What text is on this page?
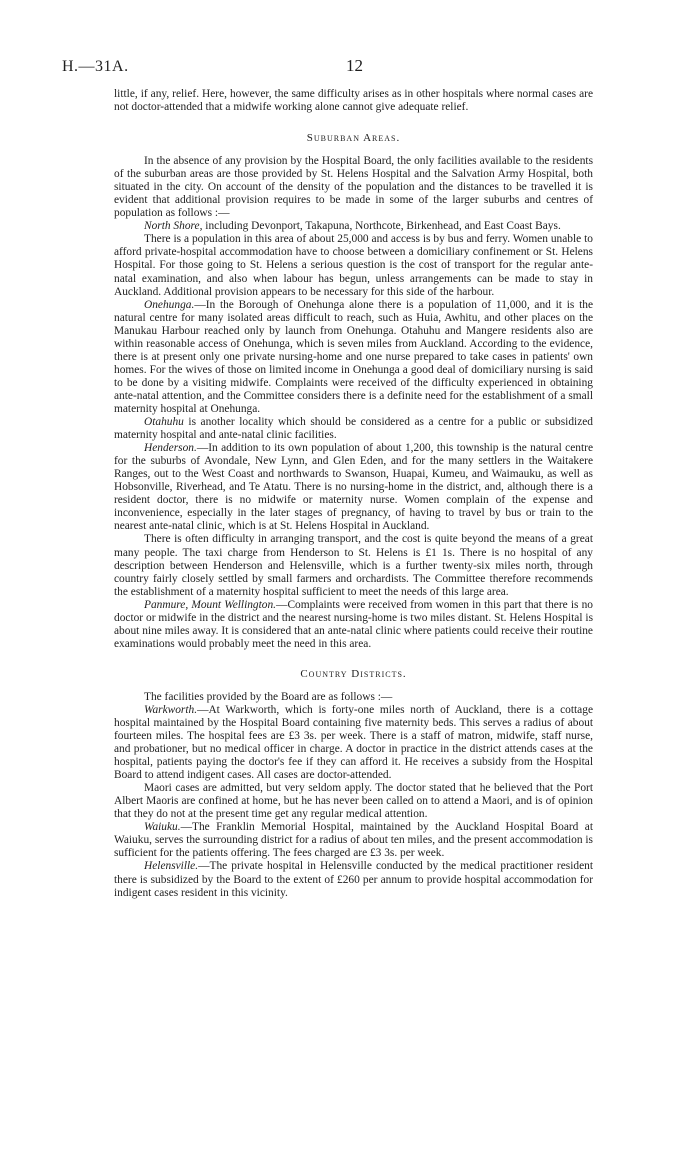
H.—31A.	12

little, if any, relief. Here, however, the same difficulty arises as in other hospitals where normal cases are not doctor-attended that a midwife working alone cannot give adequate relief.

Suburban Areas.

In the absence of any provision by the Hospital Board, the only facilities available to the residents of the suburban areas are those provided by St. Helens Hospital and the Salvation Army Hospital, both situated in the city. On account of the density of the population and the distances to be travelled it is evident that additional provision requires to be made in some of the larger suburbs and centres of population as follows :—

North Shore, including Devonport, Takapuna, Northcote, Birkenhead, and East Coast Bays.

There is a population in this area of about 25,000 and access is by bus and ferry. Women unable to afford private-hospital accommodation have to choose between a domiciliary confinement or St. Helens Hospital. For those going to St. Helens a serious question is the cost of transport for the regular ante-natal examination, and also when labour has begun, unless arrangements can be made to stay in Auckland. Additional provision appears to be necessary for this side of the harbour.

Onehunga.—In the Borough of Onehunga alone there is a population of 11,000, and it is the natural centre for many isolated areas difficult to reach, such as Huia, Awhitu, and other places on the Manukau Harbour reached only by launch from Onehunga. Otahuhu and Mangere residents also are within reasonable access of Onehunga, which is seven miles from Auckland. According to the evidence, there is at present only one private nursing-home and one nurse prepared to take cases in patients' own homes. For the wives of those on limited income in Onehunga a good deal of domiciliary nursing is said to be done by a visiting midwife. Complaints were received of the difficulty experienced in obtaining ante-natal attention, and the Committee considers there is a definite need for the establishment of a small maternity hospital at Onehunga.

Otahuhu is another locality which should be considered as a centre for a public or subsidized maternity hospital and ante-natal clinic facilities.

Henderson.—In addition to its own population of about 1,200, this township is the natural centre for the suburbs of Avondale, New Lynn, and Glen Eden, and for the many settlers in the Waitakere Ranges, out to the West Coast and northwards to Swanson, Huapai, Kumeu, and Waimauku, as well as Hobsonville, Riverhead, and Te Atatu. There is no nursing-home in the district, and, although there is a resident doctor, there is no midwife or maternity nurse. Women complain of the expense and inconvenience, especially in the later stages of pregnancy, of having to travel by bus or train to the nearest ante-natal clinic, which is at St. Helens Hospital in Auckland.

There is often difficulty in arranging transport, and the cost is quite beyond the means of a great many people. The taxi charge from Henderson to St. Helens is £1 1s. There is no hospital of any description between Henderson and Helensville, which is a further twenty-six miles north, through country fairly closely settled by small farmers and orchardists. The Committee therefore recommends the establishment of a maternity hospital sufficient to meet the needs of this large area.

Panmure, Mount Wellington.—Complaints were received from women in this part that there is no doctor or midwife in the district and the nearest nursing-home is two miles distant. St. Helens Hospital is about nine miles away. It is considered that an ante-natal clinic where patients could receive their routine examinations would probably meet the need in this area.

Country Districts.

The facilities provided by the Board are as follows :—

Warkworth.—At Warkworth, which is forty-one miles north of Auckland, there is a cottage hospital maintained by the Hospital Board containing five maternity beds. This serves a radius of about fourteen miles. The hospital fees are £3 3s. per week. There is a staff of matron, midwife, staff nurse, and probationer, but no medical officer in charge. A doctor in practice in the district attends cases at the hospital, patients paying the doctor's fee if they can afford it. He receives a subsidy from the Hospital Board to attend indigent cases. All cases are doctor-attended.

Maori cases are admitted, but very seldom apply. The doctor stated that he believed that the Port Albert Maoris are confined at home, but he has never been called on to attend a Maori, and is of opinion that they do not at the present time get any regular medical attention.

Waiuku.—The Franklin Memorial Hospital, maintained by the Auckland Hospital Board at Waiuku, serves the surrounding district for a radius of about ten miles, and the present accommodation is sufficient for the patients offering. The fees charged are £3 3s. per week.

Helensville.—The private hospital in Helensville conducted by the medical practitioner resident there is subsidized by the Board to the extent of £260 per annum to provide hospital accommodation for indigent cases resident in this vicinity.
